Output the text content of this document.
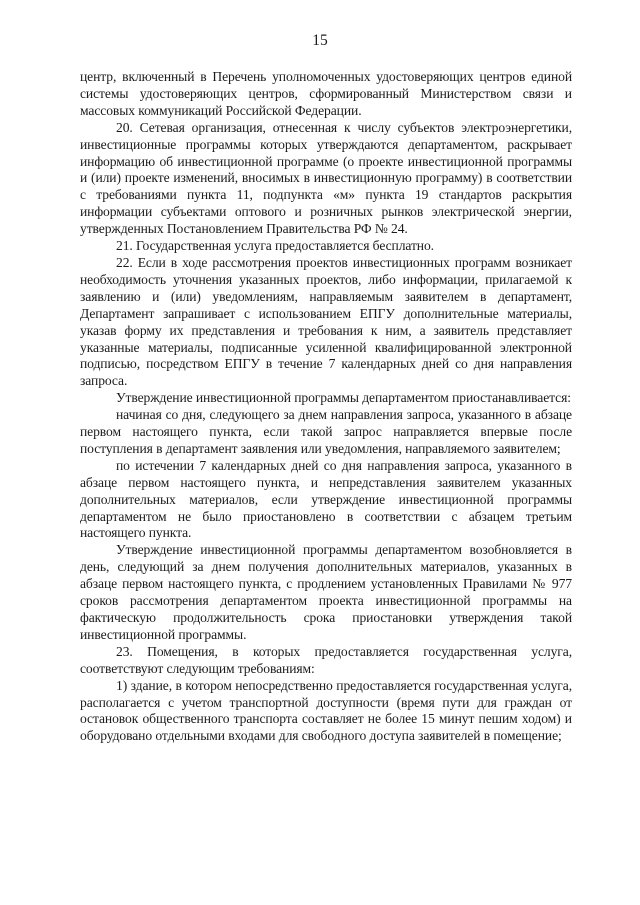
15

центр, включенный в Перечень уполномоченных удостоверяющих центров единой системы удостоверяющих центров, сформированный Министерством связи и массовых коммуникаций Российской Федерации.

20. Сетевая организация, отнесенная к числу субъектов электроэнергетики, инвестиционные программы которых утверждаются департаментом, раскрывает информацию об инвестиционной программе (о проекте инвестиционной программы и (или) проекте изменений, вносимых в инвестиционную программу) в соответствии с требованиями пункта 11, подпункта «м» пункта 19 стандартов раскрытия информации субъектами оптового и розничных рынков электрической энергии, утвержденных Постановлением Правительства РФ № 24.

21. Государственная услуга предоставляется бесплатно.

22. Если в ходе рассмотрения проектов инвестиционных программ возникает необходимость уточнения указанных проектов, либо информации, прилагаемой к заявлению и (или) уведомлениям, направляемым заявителем в департамент, Департамент запрашивает с использованием ЕПГУ дополнительные материалы, указав форму их представления и требования к ним, а заявитель представляет указанные материалы, подписанные усиленной квалифицированной электронной подписью, посредством ЕПГУ в течение 7 календарных дней со дня направления запроса.

Утверждение инвестиционной программы департаментом приостанавливается:

начиная со дня, следующего за днем направления запроса, указанного в абзаце первом настоящего пункта, если такой запрос направляется впервые после поступления в департамент заявления или уведомления, направляемого заявителем;

по истечении 7 календарных дней со дня направления запроса, указанного в абзаце первом настоящего пункта, и непредставления заявителем указанных дополнительных материалов, если утверждение инвестиционной программы департаментом не было приостановлено в соответствии с абзацем третьим настоящего пункта.

Утверждение инвестиционной программы департаментом возобновляется в день, следующий за днем получения дополнительных материалов, указанных в абзаце первом настоящего пункта, с продлением установленных Правилами № 977 сроков рассмотрения департаментом проекта инвестиционной программы на фактическую продолжительность срока приостановки утверждения такой инвестиционной программы.

23. Помещения, в которых предоставляется государственная услуга, соответствуют следующим требованиям:

1) здание, в котором непосредственно предоставляется государственная услуга, располагается с учетом транспортной доступности (время пути для граждан от остановок общественного транспорта составляет не более 15 минут пешим ходом) и оборудовано отдельными входами для свободного доступа заявителей в помещение;
